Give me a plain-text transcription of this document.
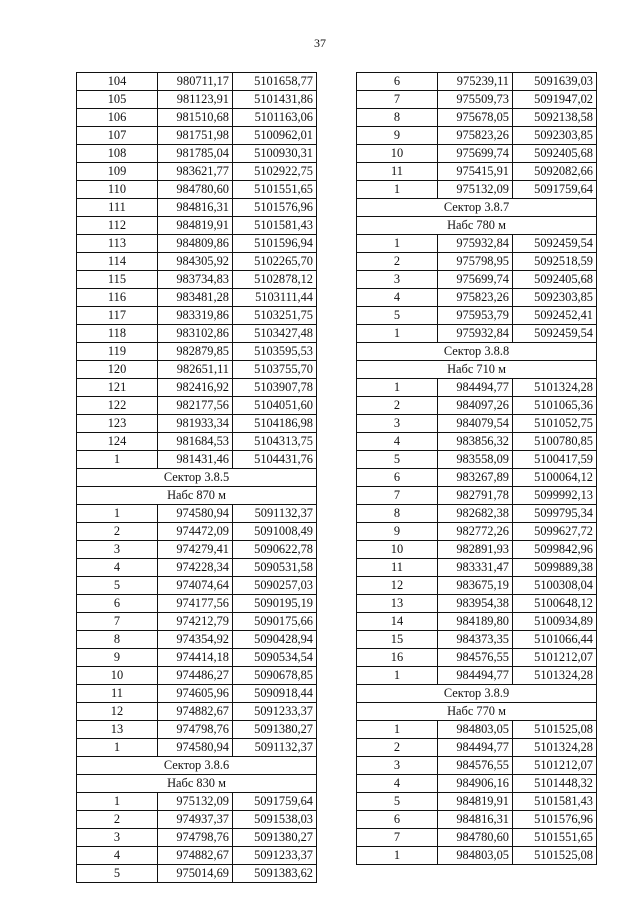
37
104	980711,17	5101658,77
105	981123,91	5101431,86
106	981510,68	5101163,06
107	981751,98	5100962,01
108	981785,04	5100930,31
109	983621,77	5102922,75
110	984780,60	5101551,65
111	984816,31	5101576,96
112	984819,91	5101581,43
113	984809,86	5101596,94
114	984305,92	5102265,70
115	983734,83	5102878,12
116	983481,28	5103111,44
117	983319,86	5103251,75
118	983102,86	5103427,48
119	982879,85	5103595,53
120	982651,11	5103755,70
121	982416,92	5103907,78
122	982177,56	5104051,60
123	981933,34	5104186,98
124	981684,53	5104313,75
1	981431,46	5104431,76
Сектор 3.8.5		
Набс 870 м		
1	974580,94	5091132,37
2	974472,09	5091008,49
3	974279,41	5090622,78
4	974228,34	5090531,58
5	974074,64	5090257,03
6	974177,56	5090195,19
7	974212,79	5090175,66
8	974354,92	5090428,94
9	974414,18	5090534,54
10	974486,27	5090678,85
11	974605,96	5090918,44
12	974882,67	5091233,37
13	974798,76	5091380,27
1	974580,94	5091132,37
Сектор 3.8.6		
Набс 830 м		
1	975132,09	5091759,64
2	974937,37	5091538,03
3	974798,76	5091380,27
4	974882,67	5091233,37
5	975014,69	5091383,62
6	975239,11	5091639,03
7	975509,73	5091947,02
8	975678,05	5092138,58
9	975823,26	5092303,85
10	975699,74	5092405,68
11	975415,91	5092082,66
1	975132,09	5091759,64
Сектор 3.8.7		
Набс 780 м		
1	975932,84	5092459,54
2	975798,95	5092518,59
3	975699,74	5092405,68
4	975823,26	5092303,85
5	975953,79	5092452,41
1	975932,84	5092459,54
Сектор 3.8.8		
Набс 710 м		
1	984494,77	5101324,28
2	984097,26	5101065,36
3	984079,54	5101052,75
4	983856,32	5100780,85
5	983558,09	5100417,59
6	983267,89	5100064,12
7	982791,78	5099992,13
8	982682,38	5099795,34
9	982772,26	5099627,72
10	982891,93	5099842,96
11	983331,47	5099889,38
12	983675,19	5100308,04
13	983954,38	5100648,12
14	984189,80	5100934,89
15	984373,35	5101066,44
16	984576,55	5101212,07
1	984494,77	5101324,28
Сектор 3.8.9		
Набс 770 м		
1	984803,05	5101525,08
2	984494,77	5101324,28
3	984576,55	5101212,07
4	984906,16	5101448,32
5	984819,91	5101581,43
6	984816,31	5101576,96
7	984780,60	5101551,65
1	984803,05	5101525,08
